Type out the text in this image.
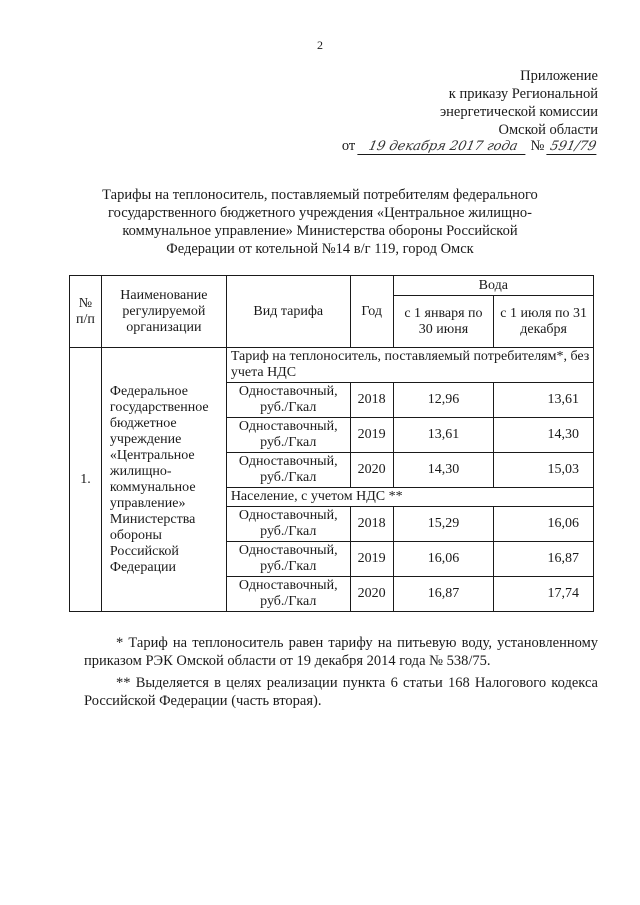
2
Приложение
к приказу Региональной
энергетической комиссии
Омской области
от 19 декабря 2017 года № 591/79
Тарифы на теплоноситель, поставляемый потребителям федерального
государственного бюджетного учреждения «Центральное жилищно-
коммунальное управление» Министерства обороны Российской
Федерации от котельной №14 в/г 119, город Омск
№ п/п	Наименование регулируемой организации	Вид тарифа	Год	Вода	
				с 1 января по 30 июня	с 1 июля по 31 декабря
1.	Федеральное государственное бюджетное учреждение «Центральное жилищно-коммунальное управление» Министерства обороны Российской Федерации	Тариф на теплоноситель, поставляемый потребителям*, без учета НДС			
		Одноставочный, руб./Гкал	2018	12,96	13,61
		Одноставочный, руб./Гкал	2019	13,61	14,30
		Одноставочный, руб./Гкал	2020	14,30	15,03
		Население, с учетом НДС **			
		Одноставочный, руб./Гкал	2018	15,29	16,06
		Одноставочный, руб./Гкал	2019	16,06	16,87
		Одноставочный, руб./Гкал	2020	16,87	17,74

* Тариф на теплоноситель равен тарифу на питьевую воду, установленному приказом РЭК Омской области от 19 декабря 2014 года № 538/75.

** Выделяется в целях реализации пункта 6 статьи 168 Налогового кодекса Российской Федерации (часть вторая).
